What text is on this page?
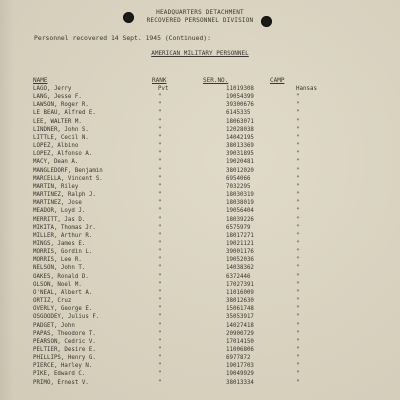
HEADQUARTERS DETACHMENT
RECOVERED PERSONNEL DIVISION
Personnel recovered 14 Sept. 1945 (Continued):
AMERICAN MILITARY PERSONNEL
NAME	RANK	SER.NO.	CAMP
LAGO, Jerry	Pvt	11019308	Hansas
LANG, Jesse F.	"	19054399	"
LAWSON, Roger R.	"	39300676	"
LE BEAU, Alfred E.	"	6145335	"
LEE, WALTER M.	"	18063071	"
LINDNER, John S.	"	12028038	"
LITTLE, Cecil N.	"	14042195	"
LOPEZ, Albino	"	38013369	"
LOPEZ, Alfonso A.	"	39031895	"
MACY, Dean A.	"	19020481	"
MANGLEDORF, Benjamin	"	38012020	"
MARCELLA, Vincent S.	"	6954066	"
MARTIN, Riley	"	7032295	"
MARTINEZ, Ralph J.	"	18030319	"
MARTINEZ, Jose	"	18038019	"
MEADOR, Loyd J.	"	19056404	"
MERRITT, Jas D.	"	18039226	"
MIKITA, Thomas Jr.	"	6575979	"
MILLER, Arthur R.	"	18017271	"
MINGS, James E.	"	19021121	"
MORRIS, Gordin L.	"	39001176	"
MORRIS, Lee R.	"	19052036	"
NELSON, John T.	"	14038362	"
OAKES, Ronald D.	"	6372446	"
OLSON, Noel M.	"	17027391	"
O'NEAL, Albert A.	"	11016009	"
ORTIZ, Cruz	"	38012630	"
OVERLY, George E.	"	15061748	"
OSGOODEY, Julius F.	"	35053917	"
PADGET, John	"	14027418	"
PAPAS, Theodore T.	"	20900729	"
PEARSON, Cedric V.	"	17014150	"
PELTIER, Desire E.	"	11006806	"
PHILLIPS, Henry G.	"	6977872	"
PIERCE, Harley N.	"	19017703	"
PIKE, Edward C.	"	19049929	"
PRIMO, Ernest V.	"	38013334	"
